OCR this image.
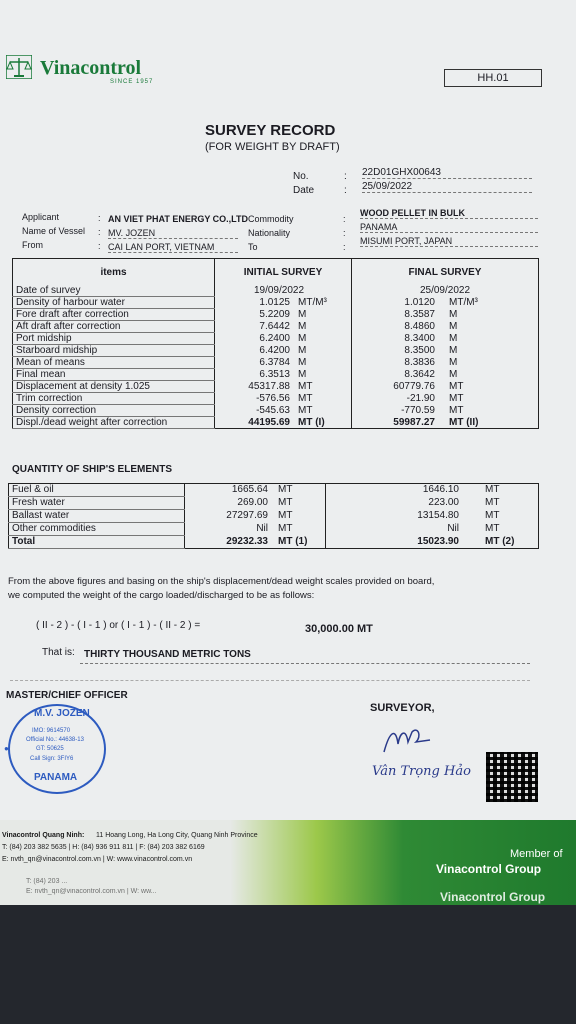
Vinacontrol
SINCE 1957	HH.01
SURVEY RECORD
(FOR WEIGHT BY DRAFT)
No.	: 22D01GHX00643
Date	: 25/09/2022
Applicant	: AN VIET PHAT ENERGY CO.,LTD
Name of Vessel : MV. JOZEN
From	: CAI LAN PORT, VIETNAM
Commodity	:
WOOD PELLET IN BULK
Nationality	:
PANAMA
To	:
MISUMI PORT, JAPAN
items	INITIAL SURVEY	FINAL SURVEY
Date of survey	19/09/2022	25/09/2022
Density of harbour water	1.0125 MT/M³	1.0120 MT/M³
Fore draft after correction	5.2209 M	8.3587 M
Aft draft after correction	7.6442 M	8.4860 M
Port midship	6.2400 M	8.3400 M
Starboard midship	6.4200 M	8.3500 M
Mean of means	6.3784 M	8.3836 M
Final mean	6.3513 M	8.3642 M
Displacement at density 1.025	45317.88 MT	60779.76 MT
Trim correction	-576.56 MT	-21.90 MT
Density correction	-545.63 MT	-770.59 MT
Displ./dead weight after correction	44195.69 MT (I)	59987.27 MT (II)
QUANTITY OF SHIP'S ELEMENTS
Fuel & oil	1665.64 MT	1646.10 MT
Fresh water	269.00 MT	223.00 MT
Ballast water	27297.69 MT	13154.80 MT
Other commodities	Nil MT	Nil MT
Total	29232.33 MT (1)	15023.90 MT (2)
From the above figures and basing on the ship's displacement/dead weight scales provided on board,
we computed the weight of the cargo loaded/discharged to be as follows:
( II - 2 ) - ( I - 1 ) or ( I - 1 ) - ( II - 2 ) =	30,000.00 MT
That is: THIRTY THOUSAND METRIC TONS
MASTER/CHIEF OFFICER
SURVEYOR,
M.V. JOZEN
IMO: 9614570
Official No.: 44638-13
GT: 50625
Call Sign: 3FIY6
PANAMA
●
Vân Trọng Hảo
Vinacontrol Quang Ninh: 11 Hoang Long, Ha Long City, Quang Ninh Province
T: (84) 203 382 5635 | H: (84) 936 911 811 | F: (84) 203 382 6169
E: nvth_qn@vinacontrol.com.vn | W: www.vinacontrol.com.vn
T: (84) 203 ...
E: nvth_qn@vinacontrol.com.vn | W: ww...
Member of
Vinacontrol Group
Vinacontrol Group
